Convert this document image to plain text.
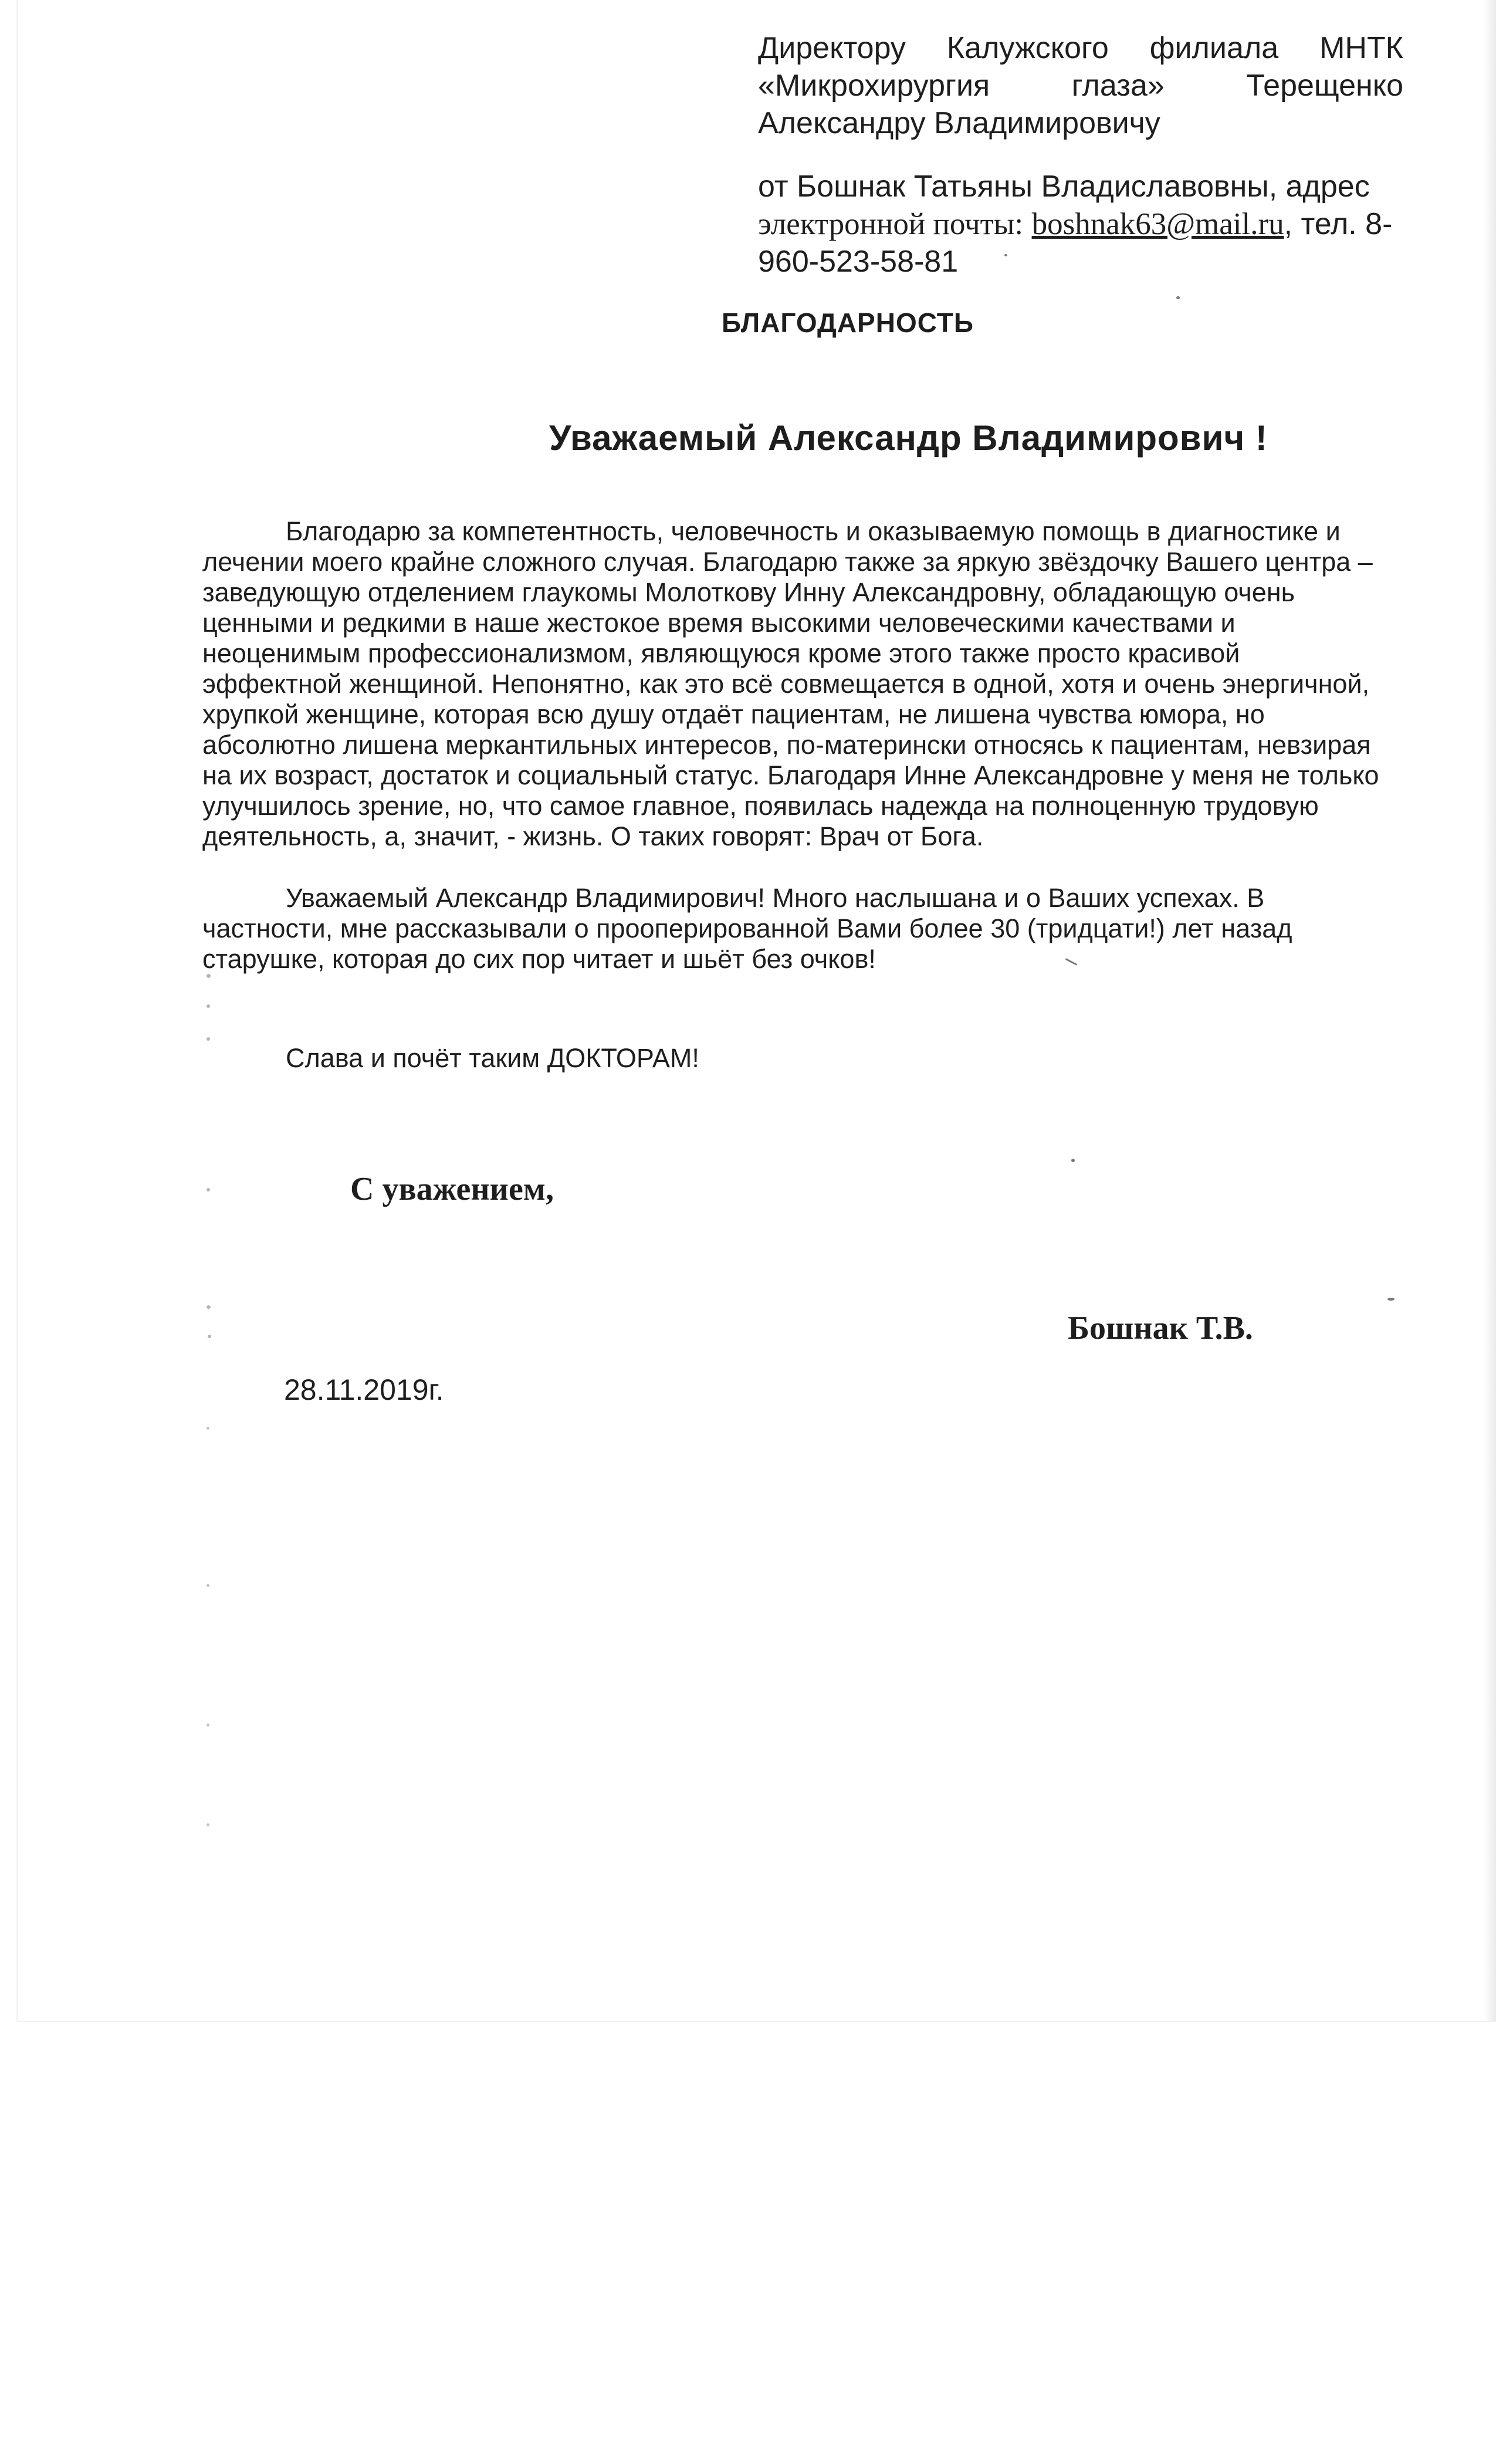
Директору Калужского филиала МНТК
«Микрохирургия глаза» Терещенко
Александру Владимировичу
от Бошнак Татьяны Владиславовны, адрес
электронной почты: boshnak63@mail.ru, тел. 8-
960-523-58-81
БЛАГОДАРНОСТЬ
Уважаемый Александр Владимирович !
Благодарю за компетентность, человечность и оказываемую помощь в диагностике и
лечении моего крайне сложного случая. Благодарю также за яркую звёздочку Вашего центра –
заведующую отделением глаукомы Молоткову Инну Александровну, обладающую очень
ценными и редкими в наше жестокое время высокими человеческими качествами и
неоценимым профессионализмом, являющуюся кроме этого также просто красивой
эффектной женщиной. Непонятно, как это всё совмещается в одной, хотя и очень энергичной,
хрупкой женщине, которая всю душу отдаёт пациентам, не лишена чувства юмора, но
абсолютно лишена меркантильных интересов, по-матерински относясь к пациентам, невзирая
на их возраст, достаток и социальный статус. Благодаря Инне Александровне у меня не только
улучшилось зрение, но, что самое главное, появилась надежда на полноценную трудовую
деятельность, а, значит, - жизнь. О таких говорят: Врач от Бога.
Уважаемый Александр Владимирович! Много наслышана и о Ваших успехах. В
частности, мне рассказывали о прооперированной Вами более 30 (тридцати!) лет назад
старушке, которая до сих пор читает и шьёт без очков!
Слава и почёт таким ДОКТОРАМ!
С уважением,
Бошнак Т.В.
28.11.2019г.
